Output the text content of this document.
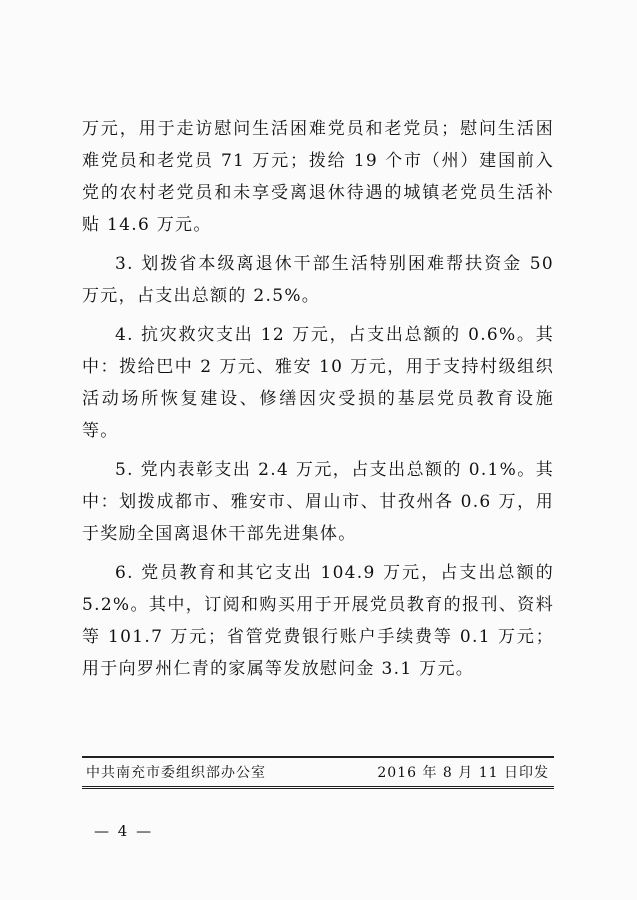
万元，用于走访慰问生活困难党员和老党员；慰问生活困难党员和老党员 71 万元；拨给 19 个市（州）建国前入党的农村老党员和未享受离退休待遇的城镇老党员生活补贴 14.6 万元。

3. 划拨省本级离退休干部生活特别困难帮扶资金 50 万元，占支出总额的 2.5%。

4. 抗灾救灾支出 12 万元，占支出总额的 0.6%。其中：拨给巴中 2 万元、雅安 10 万元，用于支持村级组织活动场所恢复建设、修缮因灾受损的基层党员教育设施等。

5. 党内表彰支出 2.4 万元，占支出总额的 0.1%。其中：划拨成都市、雅安市、眉山市、甘孜州各 0.6 万，用于奖励全国离退休干部先进集体。

6. 党员教育和其它支出 104.9 万元，占支出总额的 5.2%。其中，订阅和购买用于开展党员教育的报刊、资料等 101.7 万元；省管党费银行账户手续费等 0.1 万元；用于向罗州仁青的家属等发放慰问金 3.1 万元。

中共南充市委组织部办公室	2016 年 8 月 11 日印发
— 4 —
